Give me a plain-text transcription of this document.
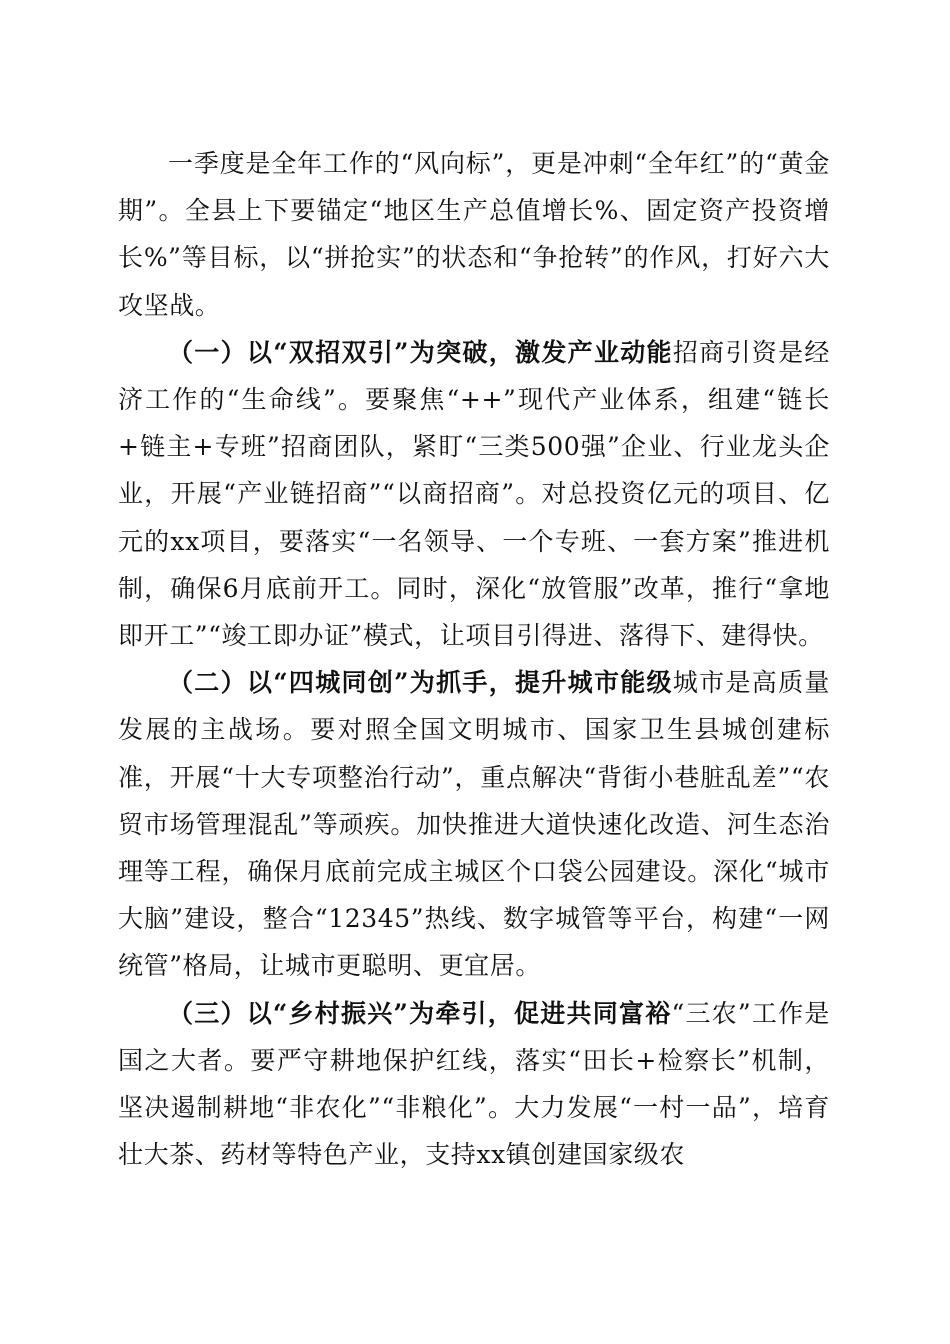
一季度是全年工作的“风向标”，更是冲刺“全年红”的“黄金期”。全县上下要锚定“地区生产总值增长%、固定资产投资增长%”等目标，以“拼抢实”的状态和“争抢转”的作风，打好六大攻坚战。

（一）以“双招双引”为突破，激发产业动能招商引资是经济工作的“生命线”。要聚焦“++”现代产业体系，组建“链长+链主+专班”招商团队，紧盯“三类500强”企业、行业龙头企业，开展“产业链招商”“以商招商”。对总投资亿元的项目、亿元的xx项目，要落实“一名领导、一个专班、一套方案”推进机制，确保6月底前开工。同时，深化“放管服”改革，推行“拿地即开工”“竣工即办证”模式，让项目引得进、落得下、建得快。

（二）以“四城同创”为抓手，提升城市能级城市是高质量发展的主战场。要对照全国文明城市、国家卫生县城创建标准，开展“十大专项整治行动”，重点解决“背街小巷脏乱差”“农贸市场管理混乱”等顽疾。加快推进大道快速化改造、河生态治理等工程，确保月底前完成主城区个口袋公园建设。深化“城市大脑”建设，整合“12345”热线、数字城管等平台，构建“一网统管”格局，让城市更聪明、更宜居。

（三）以“乡村振兴”为牵引，促进共同富裕“三农”工作是国之大者。要严守耕地保护红线，落实“田长+检察长”机制，坚决遏制耕地“非农化”“非粮化”。大力发展“一村一品”，培育壮大茶、药材等特色产业，支持xx镇创建国家级农
